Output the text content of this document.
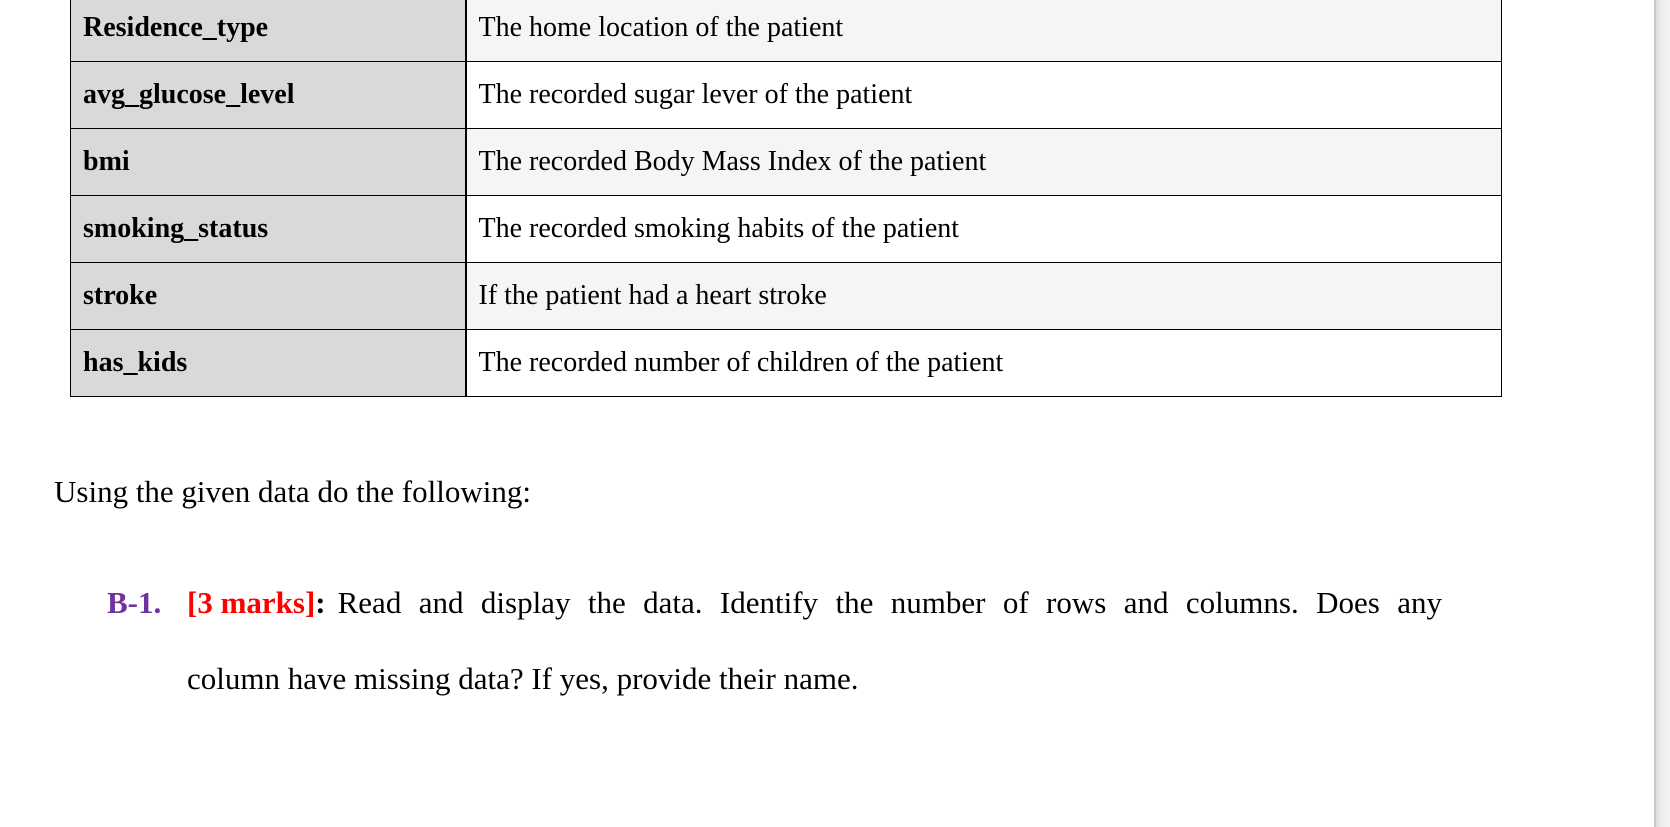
Residence_type	The home location of the patient
avg_glucose_level	The recorded sugar lever of the patient
bmi	The recorded Body Mass Index of the patient
smoking_status	The recorded smoking habits of the patient
stroke	If the patient had a heart stroke
has_kids	The recorded number of children of the patient

Using the given data do the following:

B-1. [3 marks] : Read and display the data. Identify the number of rows and columns. Does any
column have missing data? If yes, provide their name.
